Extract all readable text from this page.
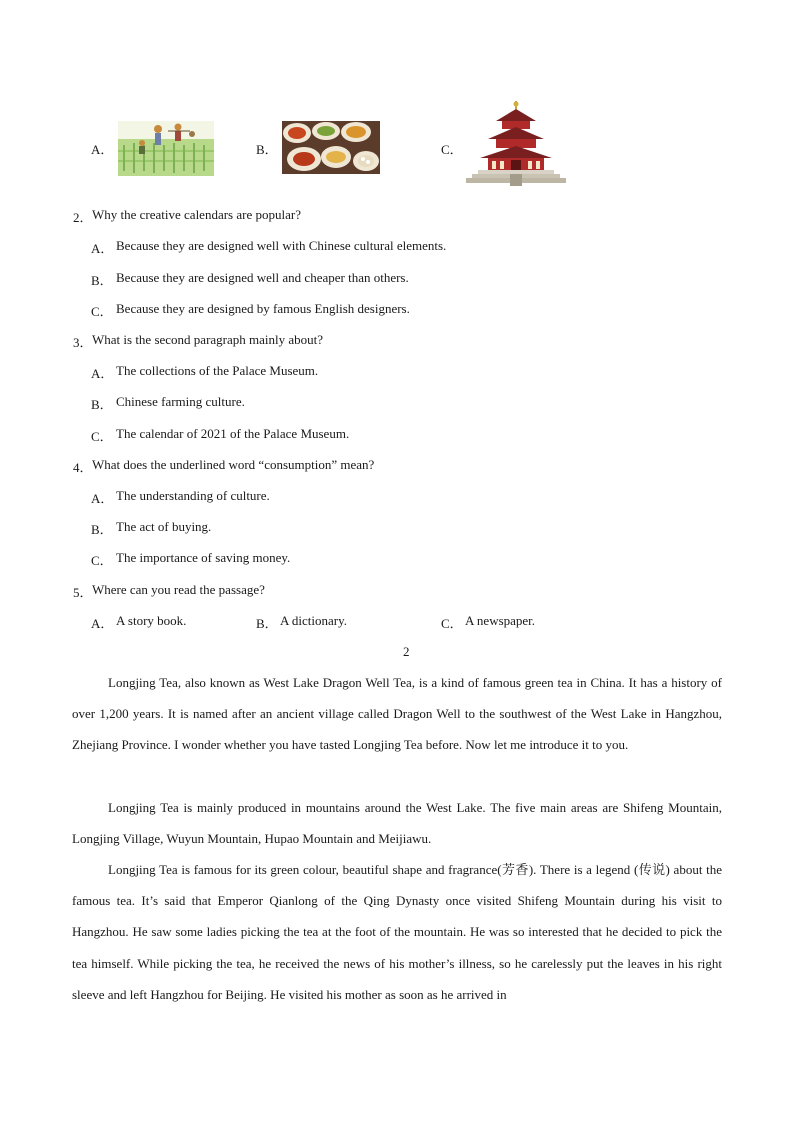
A．	B．	C．
2． Why the creative calendars are popular?
A． Because they are designed well with Chinese cultural elements.
B． Because they are designed well and cheaper than others.
C． Because they are designed by famous English designers.
3． What is the second paragraph mainly about?
A． The collections of the Palace Museum.
B． Chinese farming culture.
C． The calendar of 2021 of the Palace Museum.
4． What does the underlined word “consumption” mean?
A． The understanding of culture.
B． The act of buying.
C． The importance of saving money.
5． Where can you read the passage?
A． A story book.	B． A dictionary.	C． A newspaper.
2
Longjing Tea, also known as West Lake Dragon Well Tea, is a kind of famous green tea in China. It has a history of over 1,200 years. It is named after an ancient village called Dragon Well to the southwest of the West Lake in Hangzhou, Zhejiang Province. I wonder whether you have tasted Longjing Tea before. Now let me introduce it to you.
Longjing Tea is mainly produced in mountains around the West Lake. The five main areas are Shifeng Mountain, Longjing Village, Wuyun Mountain, Hupao Mountain and Meijiawu.
Longjing Tea is famous for its green colour, beautiful shape and fragrance(芳香). There is a legend (传说) about the famous tea. It’s said that Emperor Qianlong of the Qing Dynasty once visited Shifeng Mountain during his visit to Hangzhou. He saw some ladies picking the tea at the foot of the mountain. He was so interested that he decided to pick the tea himself. While picking the tea, he received the news of his mother’s illness, so he carelessly put the leaves in his right sleeve and left Hangzhou for Beijing. He visited his mother as soon as he arrived in
